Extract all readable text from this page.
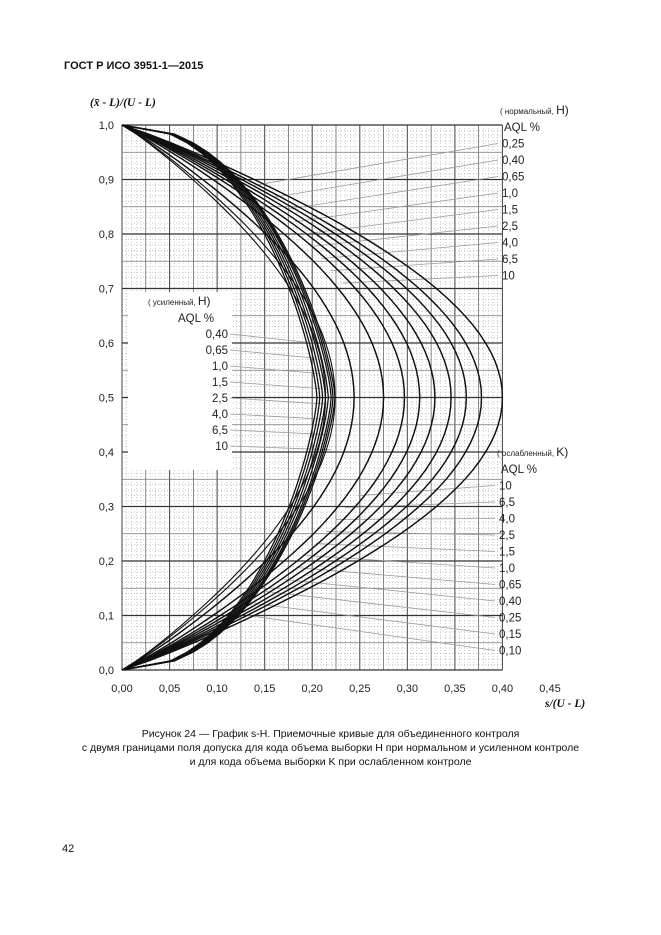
ГОСТ Р ИСО 3951-1—2015
0,00 0,05 0,10 0,15 0,20 0,25 0,30 0,35 0,40 0,45
0,0
0,1
0,2
0,3
0,4
0,5
0,6
0,7
0,8
0,9
1,0
( нормальный, H)
AQL %
0,25
0,40
0,65
1,0
1,5
2,5
4,0
6,5
10
( усиленный, H)
AQL %
0,40
0,65
1,0
1,5
2,5
4,0
6,5
10
( ослабленный, K)
AQL %
10
6,5
4,0
2,5
1,5
1,0
0,65
0,40
0,25
0,15
0,10
(x̄ - L)/(U - L)
s/(U - L)
Рисунок 24 — График s-H. Приемочные кривые для объединенного контроля
с двумя границами поля допуска для кода объема выборки H при нормальном и усиленном контроле
и для кода объема выборки K при ослабленном контроле
42
